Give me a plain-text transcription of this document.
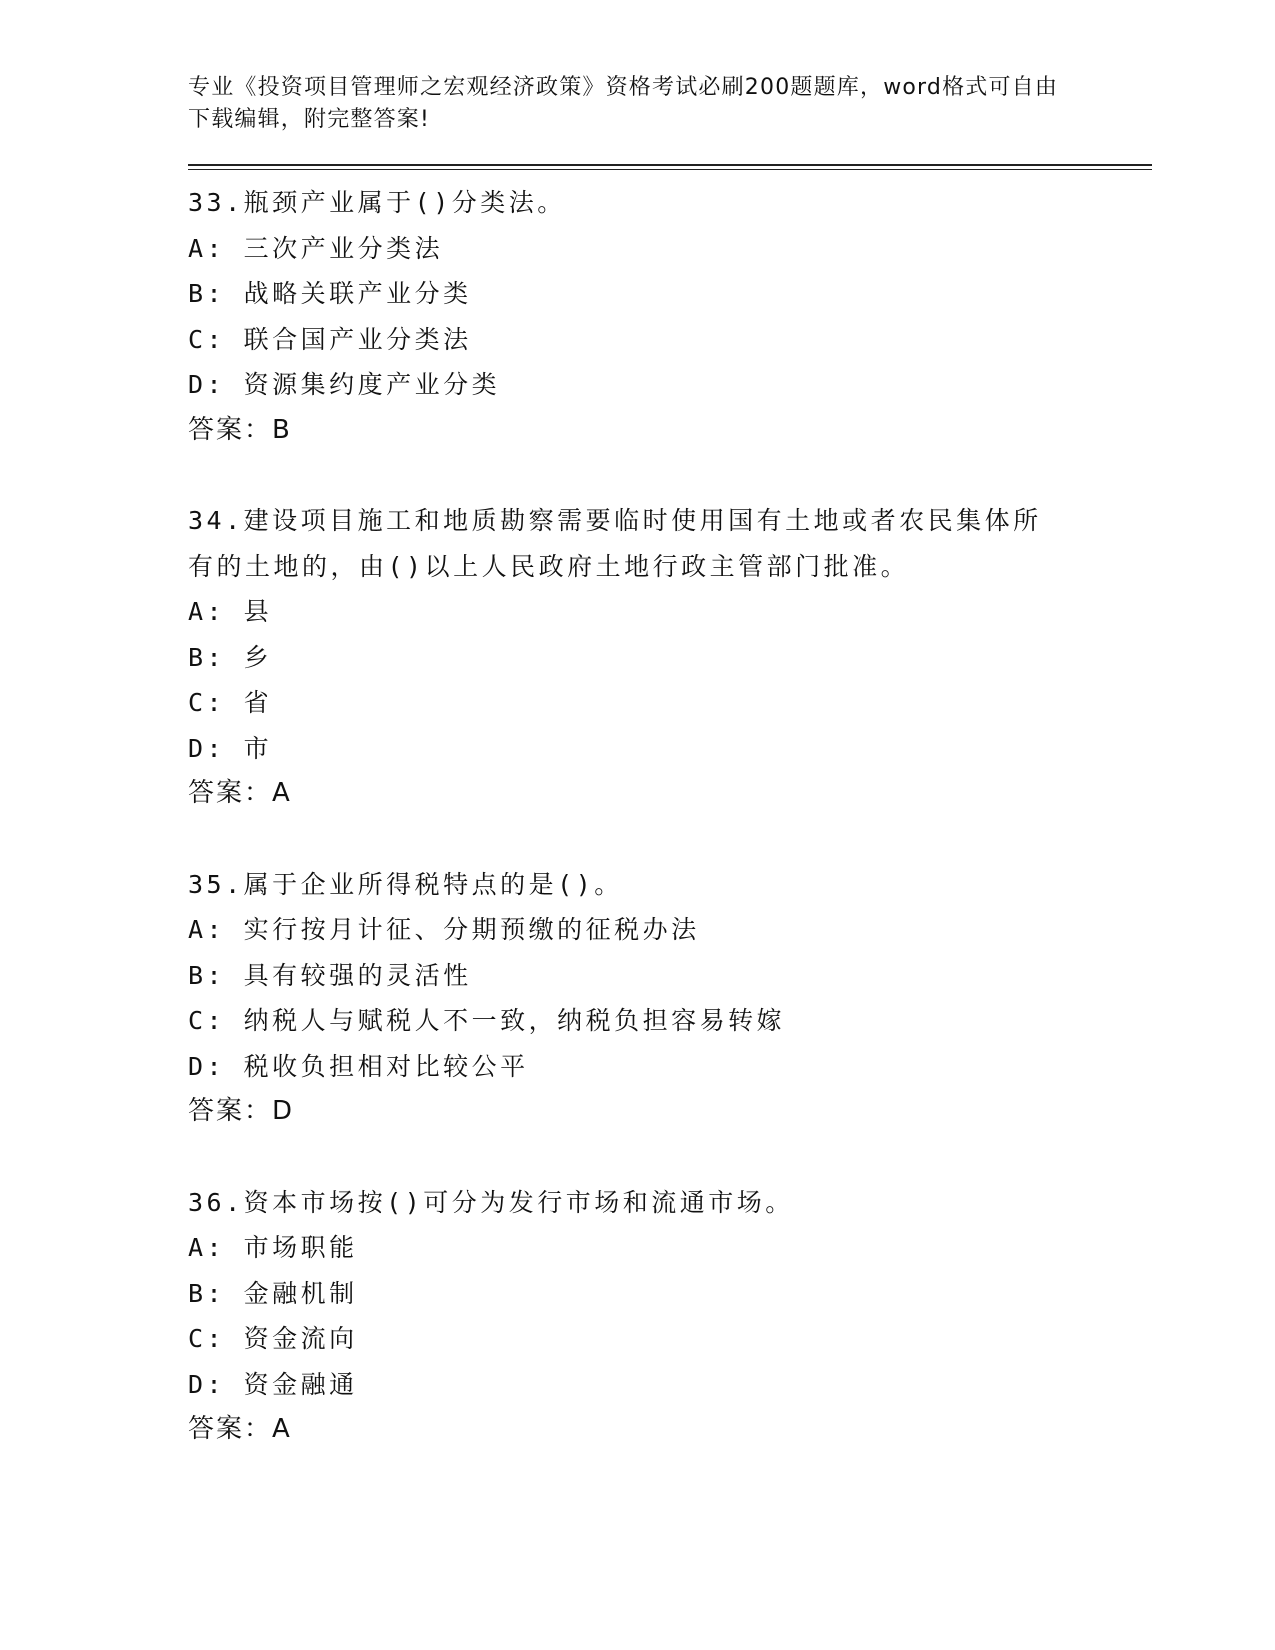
专业《投资项目管理师之宏观经济政策》资格考试必刷200题题库，word格式可自由下载编辑，附完整答案!
33.瓶颈产业属于()分类法。
A: 三次产业分类法
B: 战略关联产业分类
C: 联合国产业分类法
D: 资源集约度产业分类
答案：B
34.建设项目施工和地质勘察需要临时使用国有土地或者农民集体所有的土地的，由()以上人民政府土地行政主管部门批准。
A: 县
B: 乡
C: 省
D: 市
答案：A
35.属于企业所得税特点的是()。
A: 实行按月计征、分期预缴的征税办法
B: 具有较强的灵活性
C: 纳税人与赋税人不一致，纳税负担容易转嫁
D: 税收负担相对比较公平
答案：D
36.资本市场按()可分为发行市场和流通市场。
A: 市场职能
B: 金融机制
C: 资金流向
D: 资金融通
答案：A
